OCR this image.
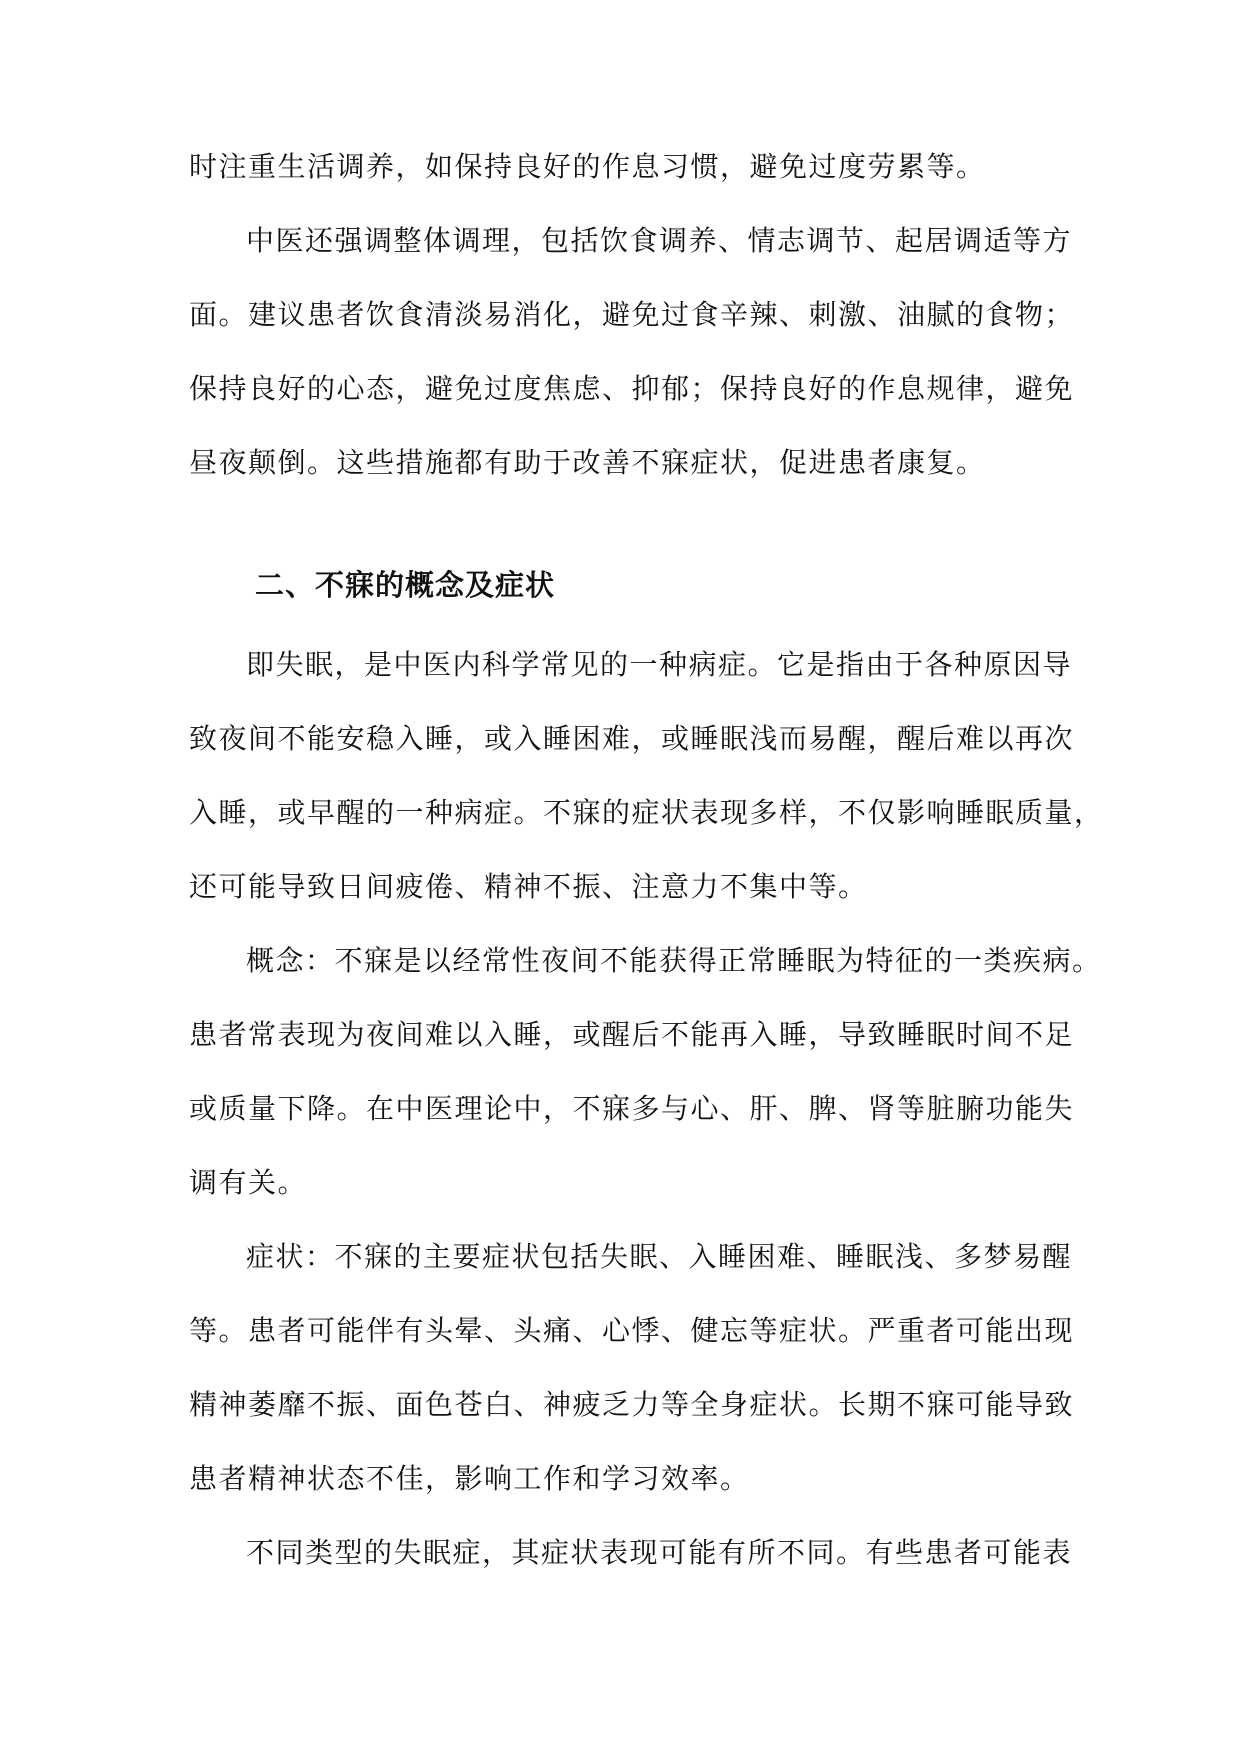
时注重生活调养，如保持良好的作息习惯，避免过度劳累等。
中医还强调整体调理，包括饮食调养、情志调节、起居调适等方
面。建议患者饮食清淡易消化，避免过食辛辣、刺激、油腻的食物；
保持良好的心态，避免过度焦虑、抑郁；保持良好的作息规律，避免
昼夜颠倒。这些措施都有助于改善不寐症状，促进患者康复。
二、不寐的概念及症状
即失眠，是中医内科学常见的一种病症。它是指由于各种原因导
致夜间不能安稳入睡，或入睡困难，或睡眠浅而易醒，醒后难以再次
入睡，或早醒的一种病症。不寐的症状表现多样，不仅影响睡眠质量，
还可能导致日间疲倦、精神不振、注意力不集中等。
概念：不寐是以经常性夜间不能获得正常睡眠为特征的一类疾病。
患者常表现为夜间难以入睡，或醒后不能再入睡，导致睡眠时间不足
或质量下降。在中医理论中，不寐多与心、肝、脾、肾等脏腑功能失
调有关。
症状：不寐的主要症状包括失眠、入睡困难、睡眠浅、多梦易醒
等。患者可能伴有头晕、头痛、心悸、健忘等症状。严重者可能出现
精神萎靡不振、面色苍白、神疲乏力等全身症状。长期不寐可能导致
患者精神状态不佳，影响工作和学习效率。
不同类型的失眠症，其症状表现可能有所不同。有些患者可能表
